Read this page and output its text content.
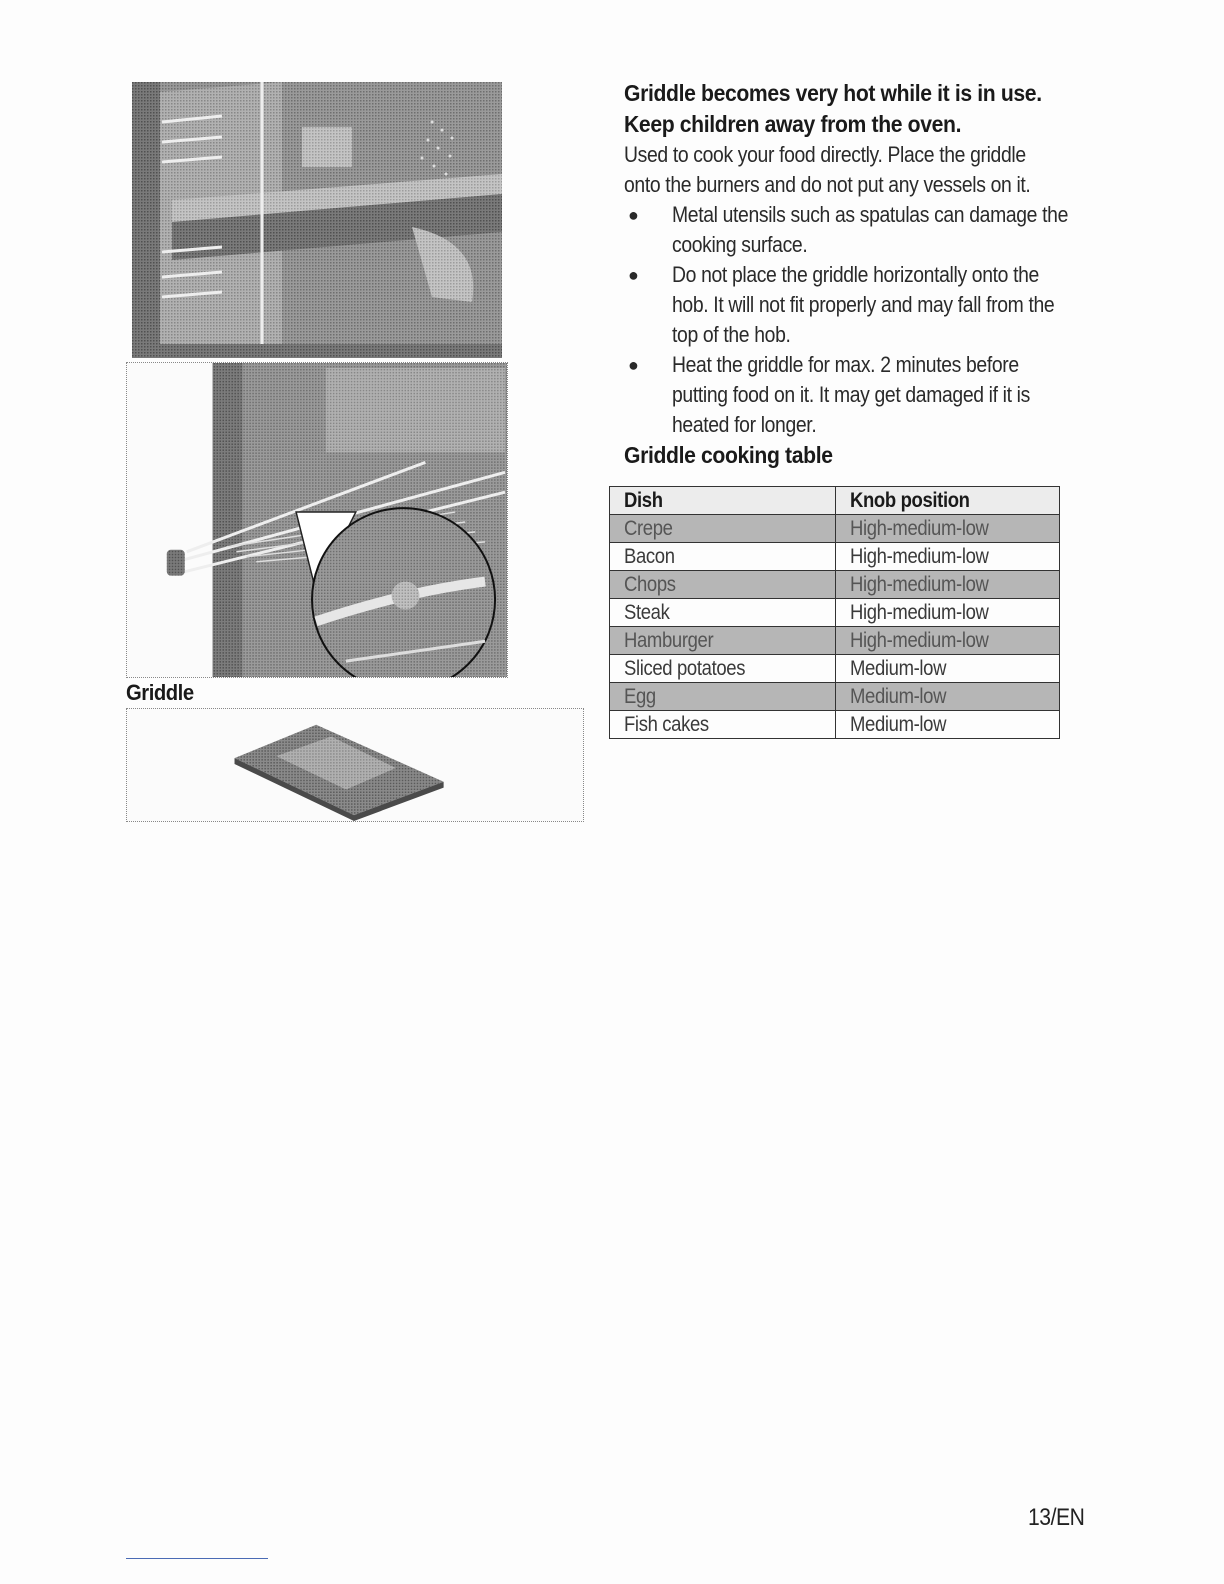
Griddle
Griddle becomes very hot while it is in use.
Keep children away from the oven.
Used to cook your food directly. Place the griddle
onto the burners and do not put any vessels on it.
● Metal utensils such as spatulas can damage the cooking surface.
● Do not place the griddle horizontally onto the hob. It will not fit properly and may fall from the top of the hob.
● Heat the griddle for max. 2 minutes before putting food on it. It may get damaged if it is heated for longer.
Griddle cooking table
Dish	Knob position
Crepe	High-medium-low
Bacon	High-medium-low
Chops	High-medium-low
Steak	High-medium-low
Hamburger	High-medium-low
Sliced potatoes	Medium-low
Egg	Medium-low
Fish cakes	Medium-low
13/EN
